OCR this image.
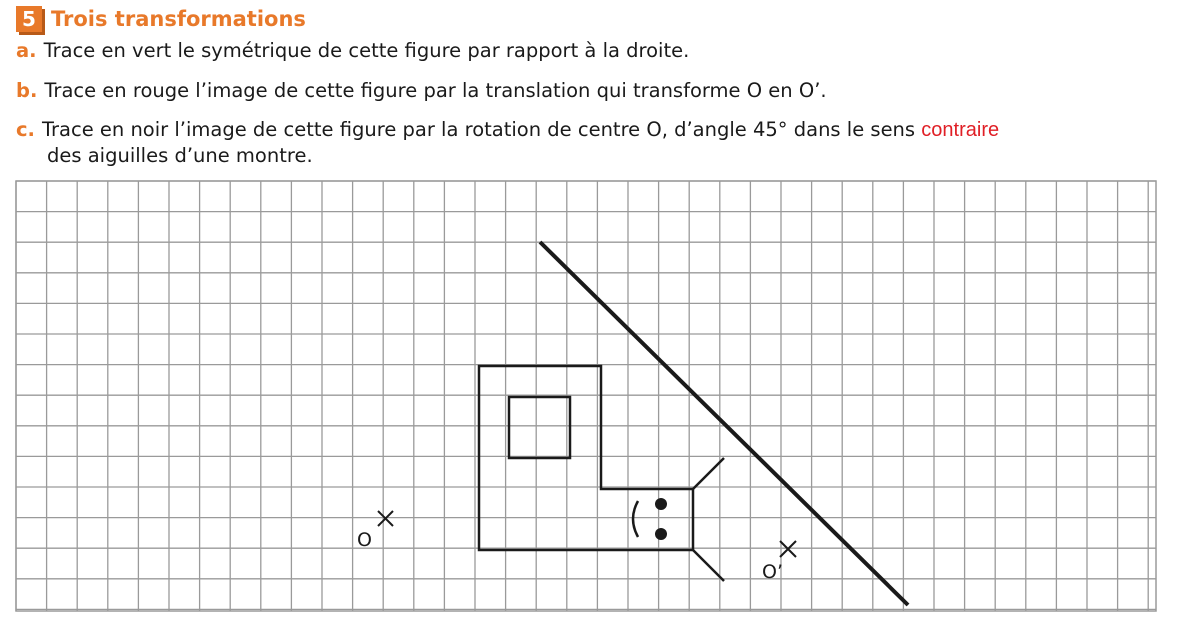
5 Trois transformations
a. Trace en vert le symétrique de cette figure par rapport à la droite.
b. Trace en rouge l’image de cette figure par la translation qui transforme O en O’.
c. Trace en noir l’image de cette figure par la rotation de centre O, d’angle 45° dans le sens contraire
des aiguilles d’une montre.
O
O’
